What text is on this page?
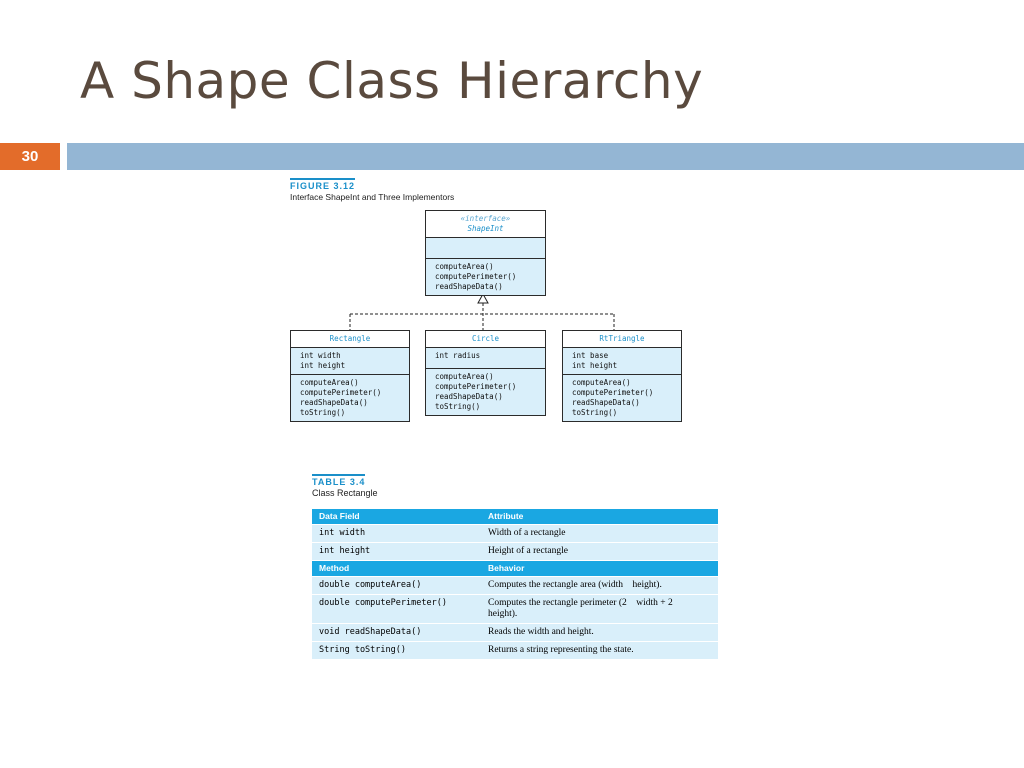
A Shape Class Hierarchy
30
FIGURE 3.12
Interface ShapeInt and Three Implementors
«interface»
ShapeInt
computeArea()
computePerimeter()
readShapeData()
Rectangle
int width
int height
computeArea()
computePerimeter()
readShapeData()
toString()
Circle
int radius
computeArea()
computePerimeter()
readShapeData()
toString()
RtTriangle
int base
int height
computeArea()
computePerimeter()
readShapeData()
toString()
TABLE 3.4
Class Rectangle
Data Field	Attribute
int width	Width of a rectangle
int height	Height of a rectangle
Method	Behavior
double computeArea()	Computes the rectangle area (width    height).
double computePerimeter()	Computes the rectangle perimeter (2    width + 2    height).
void readShapeData()	Reads the width and height.
String toString()	Returns a string representing the state.
